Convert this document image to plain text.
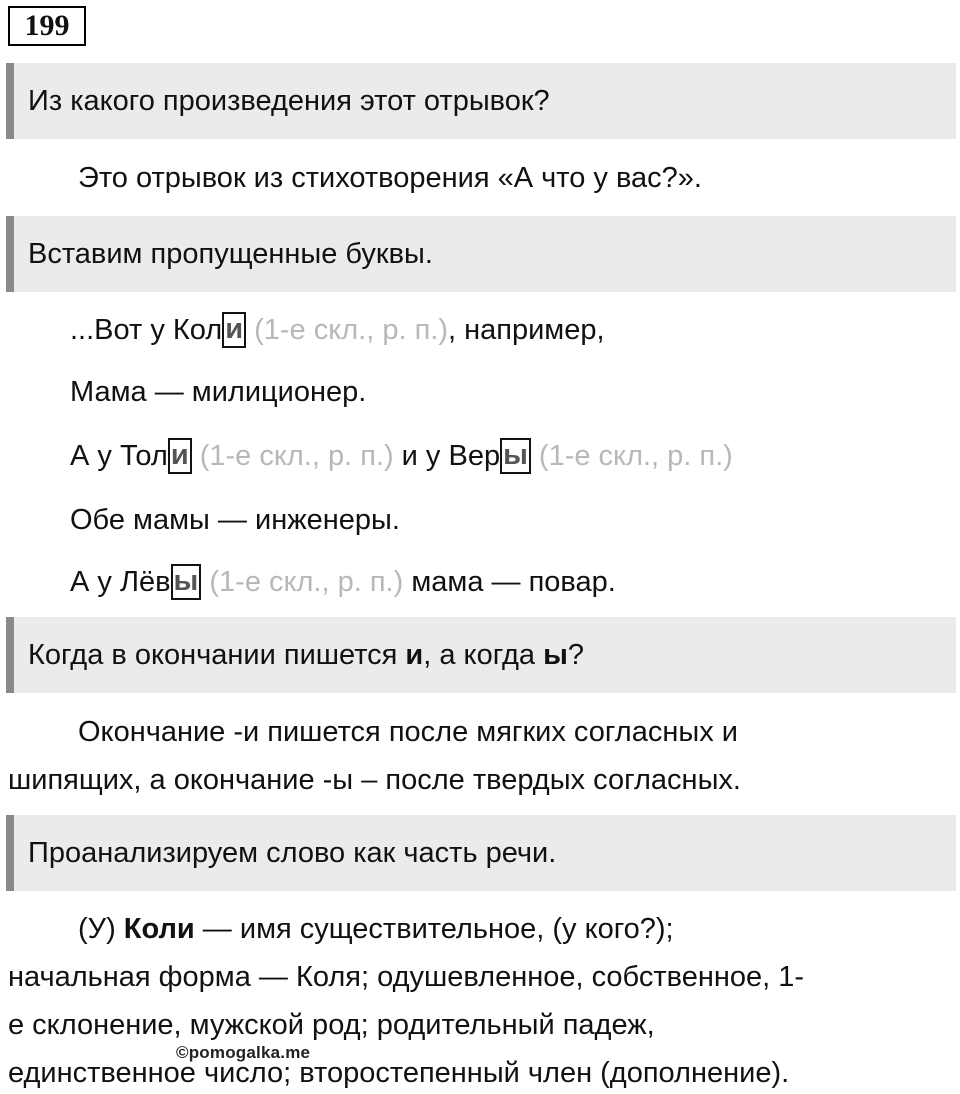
199
Из какого произведения этот отрывок?
Это отрывок из стихотворения «А что у вас?».
Вставим пропущенные буквы.
...Вот у Кол и (1-е скл., р. п.), например,
Мама — милиционер.
А у Тол и (1-е скл., р. п.) и у Вер ы (1-е скл., р. п.)
Обе мамы — инженеры.
А у Лёв ы (1-е скл., р. п.) мама — повар.
Когда в окончании пишется и, а когда ы?
Окончание -и пишется после мягких согласных и
шипящих, а окончание -ы – после твердых согласных.
Проанализируем слово как часть речи.
(У) Коли — имя существительное, (у кого?);
начальная форма — Коля; одушевленное, собственное, 1-
е склонение, мужской род; родительный падеж,
единственное число; второстепенный член (дополнение).
©pomogalka.me
